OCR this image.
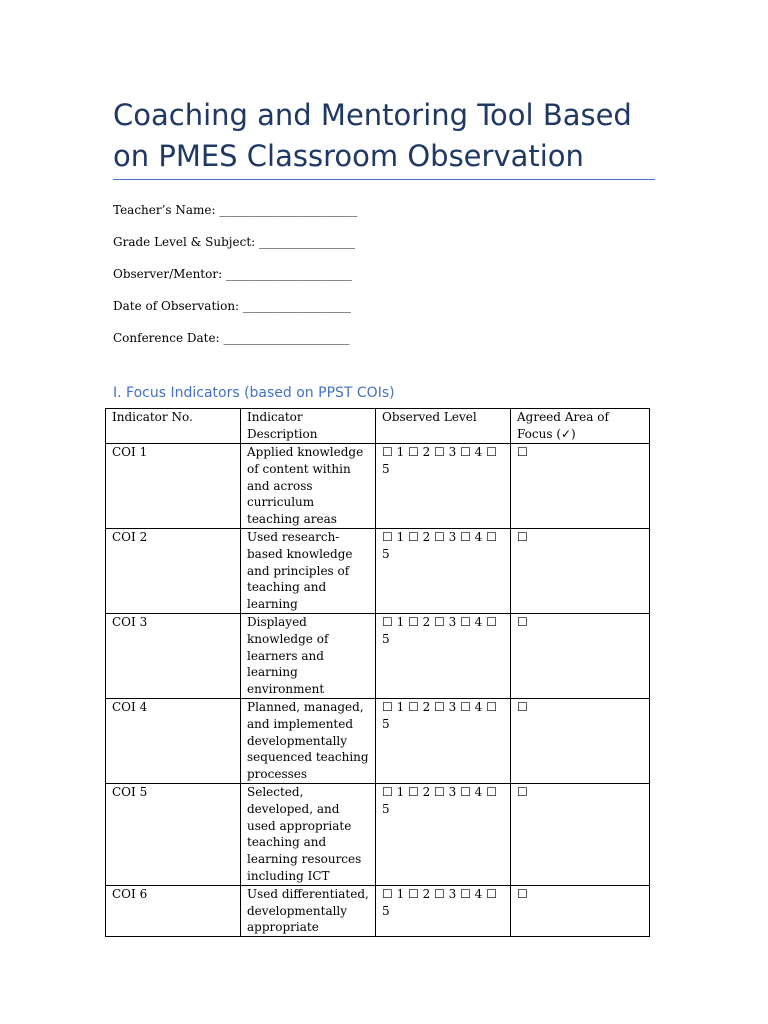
Coaching and Mentoring Tool Based on PMES Classroom Observation
Teacher’s Name: _______________________
Grade Level & Subject: ________________
Observer/Mentor: _____________________
Date of Observation: __________________
Conference Date: _____________________
I. Focus Indicators (based on PPST COIs)
Indicator No.	Indicator Description	Observed Level	Agreed Area of Focus (✓)
COI 1	Applied knowledge of content within and across curriculum teaching areas	☐ 1 ☐ 2 ☐ 3 ☐ 4 ☐ 5	☐
COI 2	Used research-based knowledge and principles of teaching and learning	☐ 1 ☐ 2 ☐ 3 ☐ 4 ☐ 5	☐
COI 3	Displayed knowledge of learners and learning environment	☐ 1 ☐ 2 ☐ 3 ☐ 4 ☐ 5	☐
COI 4	Planned, managed, and implemented developmentally sequenced teaching processes	☐ 1 ☐ 2 ☐ 3 ☐ 4 ☐ 5	☐
COI 5	Selected, developed, and used appropriate teaching and learning resources including ICT	☐ 1 ☐ 2 ☐ 3 ☐ 4 ☐ 5	☐
COI 6	Used differentiated, developmentally appropriate	☐ 1 ☐ 2 ☐ 3 ☐ 4 ☐ 5	☐
